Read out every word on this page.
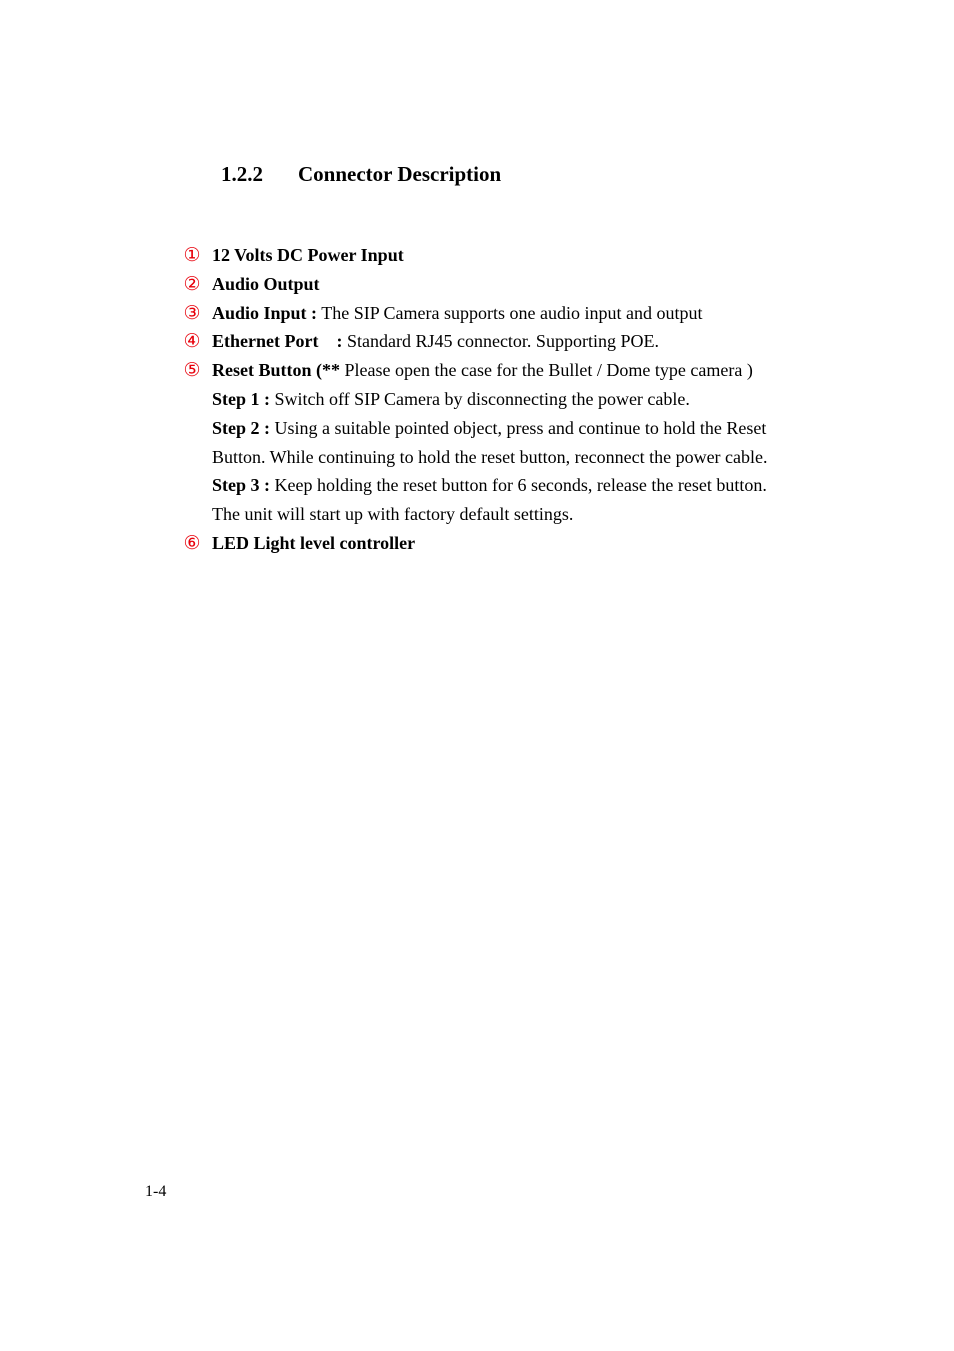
1.2.2 Connector Description
① 12 Volts DC Power Input
② Audio Output
③ Audio Input : The SIP Camera supports one audio input and output
④ Ethernet Port    : Standard RJ45 connector. Supporting POE.
⑤ Reset Button (** Please open the case for the Bullet / Dome type camera )
Step 1 : Switch off SIP Camera by disconnecting the power cable.
Step 2 : Using a suitable pointed object, press and continue to hold the Reset
Button. While continuing to hold the reset button, reconnect the power cable.
Step 3 : Keep holding the reset button for 6 seconds, release the reset button.
The unit will start up with factory default settings.
⑥ LED Light level controller
1-4
